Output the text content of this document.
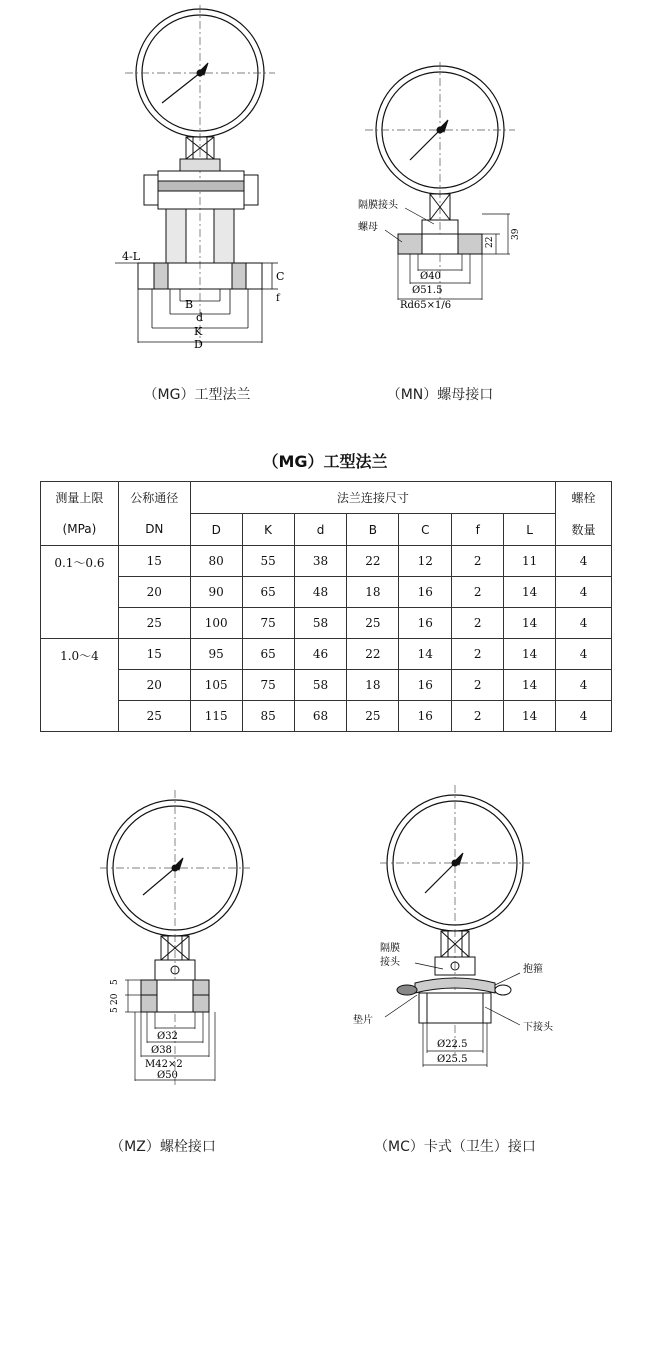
4-L
B
d
K
D
C
f
（MG）工型法兰
隔膜接头
螺母
22
39
Ø40
Ø51.5
Rd65×1/6
（MN）螺母接口
（MG）工型法兰
测量上限	公称通径	法兰连接尺寸							螺栓
(MPa)	DN	D	K	d	B	C	f	L	数量
0.1～0.6	15	80	55	38	22	12	2	11	4
	20	90	65	48	18	16	2	14	4
	25	100	75	58	25	16	2	14	4
1.0～4	15	95	65	46	22	14	2	14	4
	20	105	75	58	18	16	2	14	4
	25	115	85	68	25	16	2	14	4
5
20
5
Ø32
Ø38
M42×2
Ø50
（MZ）螺栓接口
隔膜
接头
抱箍
垫片
下接头
Ø22.5
Ø25.5
（MC）卡式（卫生）接口
